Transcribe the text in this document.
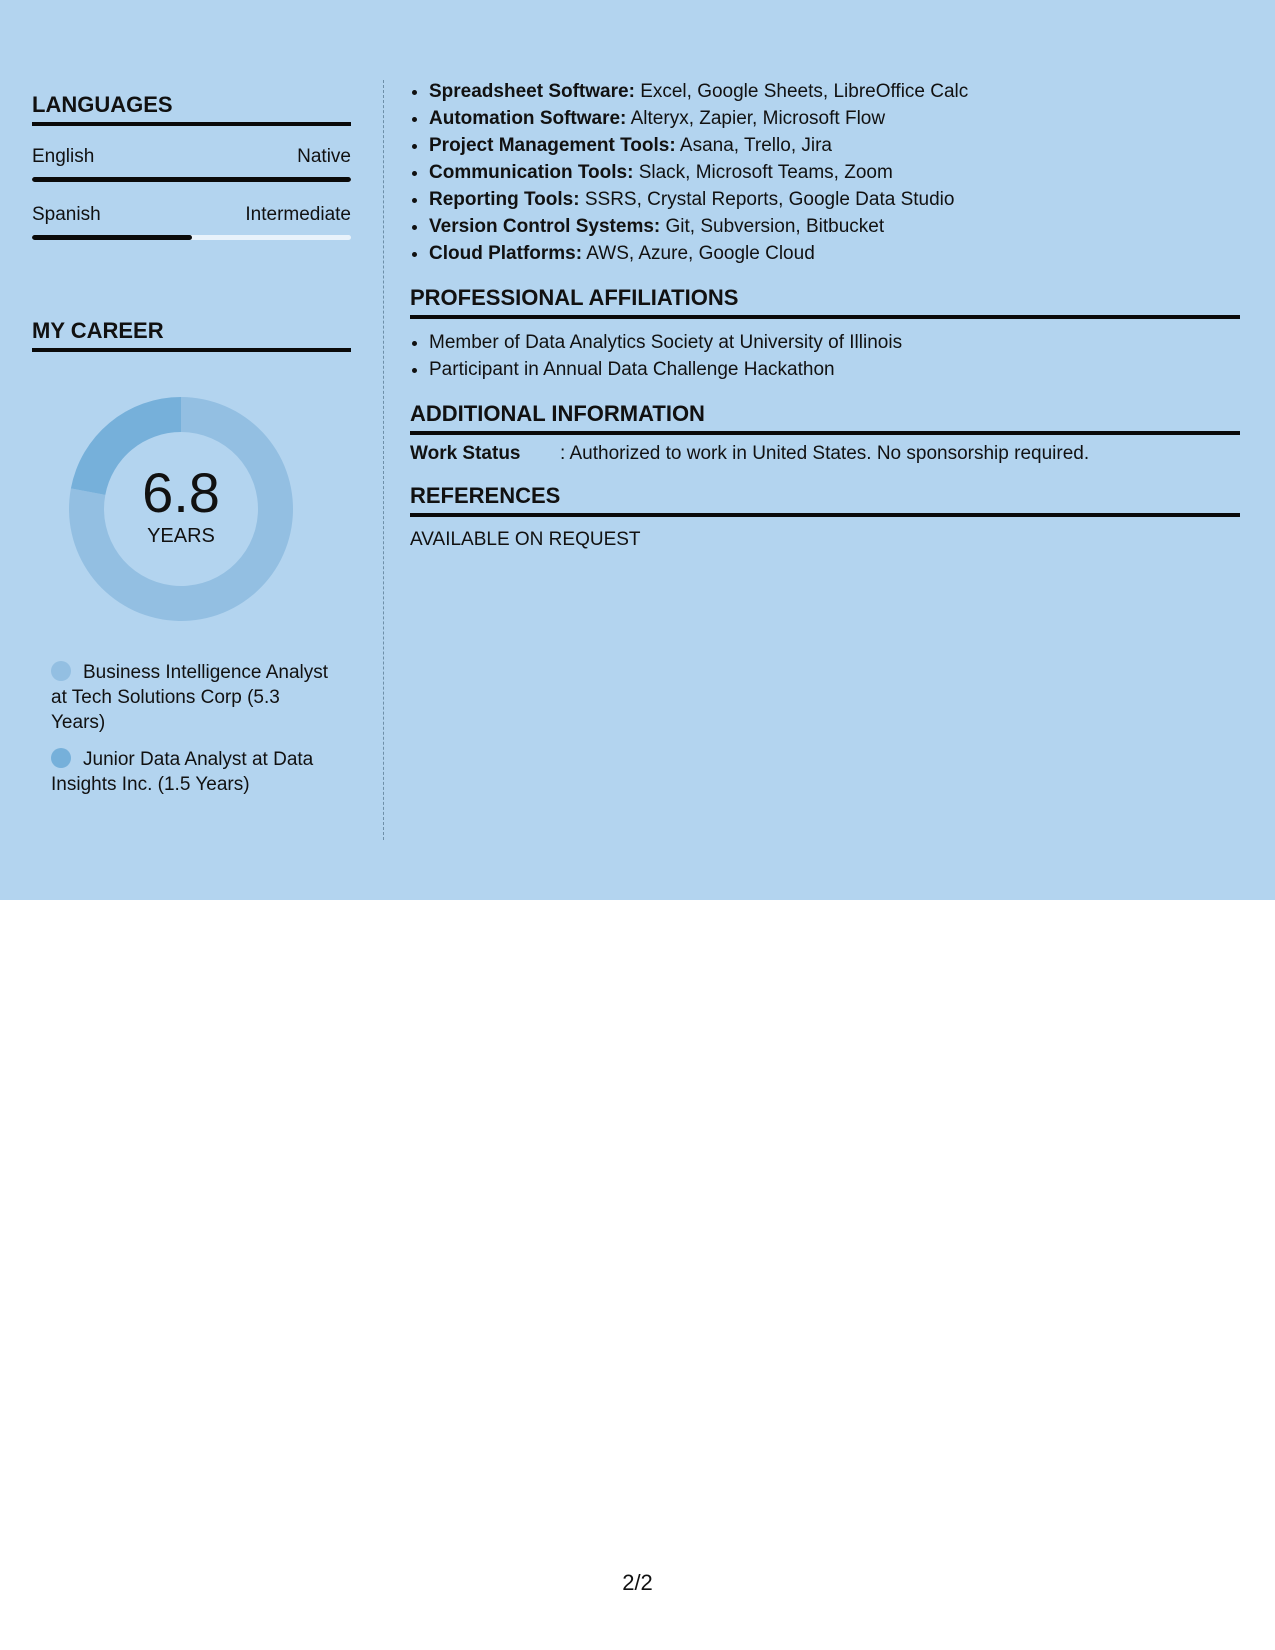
LANGUAGES
English	Native
Spanish	Intermediate
MY CAREER
6.8
YEARS
Business Intelligence Analyst at Tech Solutions Corp (5.3 Years)
Junior Data Analyst at Data Insights Inc. (1.5 Years)
• Spreadsheet Software: Excel, Google Sheets, LibreOffice Calc
• Automation Software: Alteryx, Zapier, Microsoft Flow
• Project Management Tools: Asana, Trello, Jira
• Communication Tools: Slack, Microsoft Teams, Zoom
• Reporting Tools: SSRS, Crystal Reports, Google Data Studio
• Version Control Systems: Git, Subversion, Bitbucket
• Cloud Platforms: AWS, Azure, Google Cloud
PROFESSIONAL AFFILIATIONS
• Member of Data Analytics Society at University of Illinois
• Participant in Annual Data Challenge Hackathon
ADDITIONAL INFORMATION
Work Status	: Authorized to work in United States. No sponsorship required.
REFERENCES
AVAILABLE ON REQUEST
2/2
